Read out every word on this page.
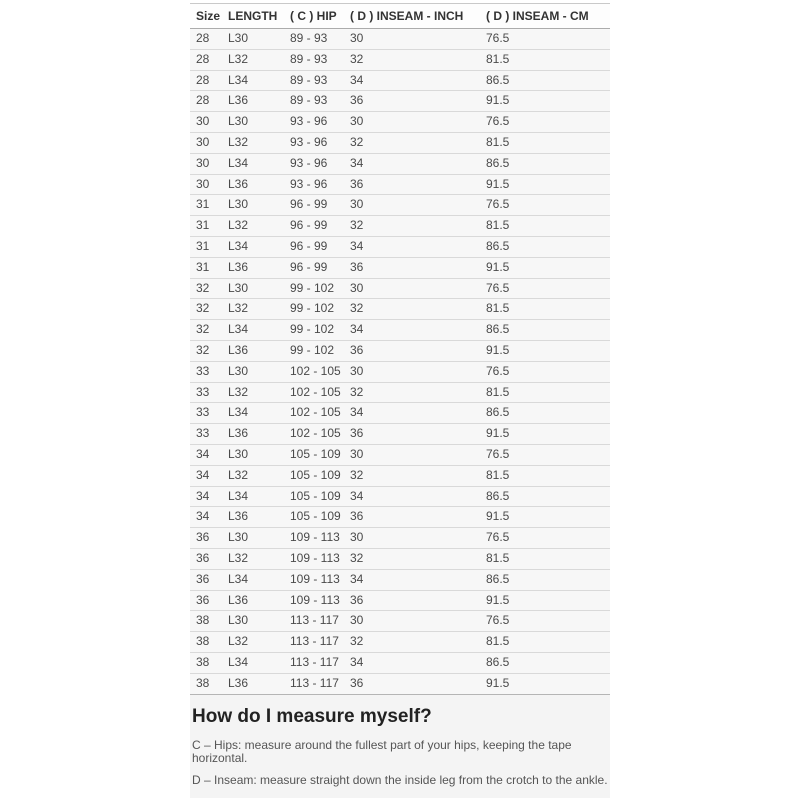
Size	LENGTH	( C ) HIP	( D ) INSEAM - INCH	( D ) INSEAM - CM
28	L30	89 - 93	30	76.5
28	L32	89 - 93	32	81.5
28	L34	89 - 93	34	86.5
28	L36	89 - 93	36	91.5
30	L30	93 - 96	30	76.5
30	L32	93 - 96	32	81.5
30	L34	93 - 96	34	86.5
30	L36	93 - 96	36	91.5
31	L30	96 - 99	30	76.5
31	L32	96 - 99	32	81.5
31	L34	96 - 99	34	86.5
31	L36	96 - 99	36	91.5
32	L30	99 - 102	30	76.5
32	L32	99 - 102	32	81.5
32	L34	99 - 102	34	86.5
32	L36	99 - 102	36	91.5
33	L30	102 - 105	30	76.5
33	L32	102 - 105	32	81.5
33	L34	102 - 105	34	86.5
33	L36	102 - 105	36	91.5
34	L30	105 - 109	30	76.5
34	L32	105 - 109	32	81.5
34	L34	105 - 109	34	86.5
34	L36	105 - 109	36	91.5
36	L30	109 - 113	30	76.5
36	L32	109 - 113	32	81.5
36	L34	109 - 113	34	86.5
36	L36	109 - 113	36	91.5
38	L30	113 - 117	30	76.5
38	L32	113 - 117	32	81.5
38	L34	113 - 117	34	86.5
38	L36	113 - 117	36	91.5
How do I measure myself?

C – Hips: measure around the fullest part of your hips, keeping the tape horizontal.

D – Inseam: measure straight down the inside leg from the crotch to the ankle.
